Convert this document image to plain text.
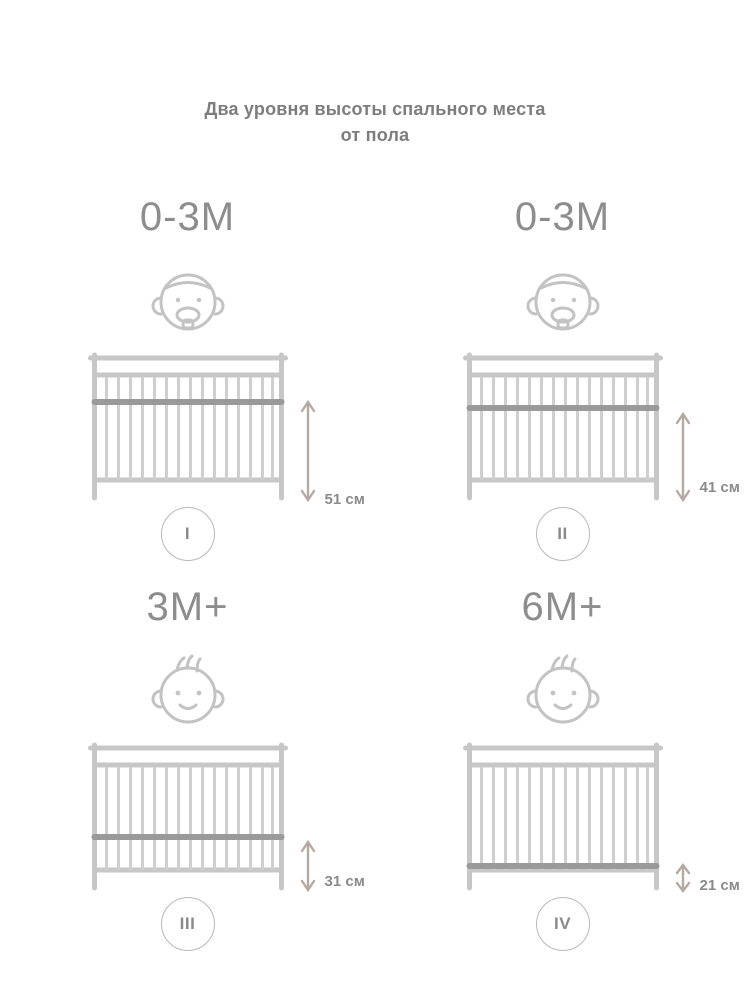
Два уровня высоты спального места
от пола
0-3M
51 см
I
0-3M
41 см
II
3M+
31 см
III
6M+
21 см
IV
